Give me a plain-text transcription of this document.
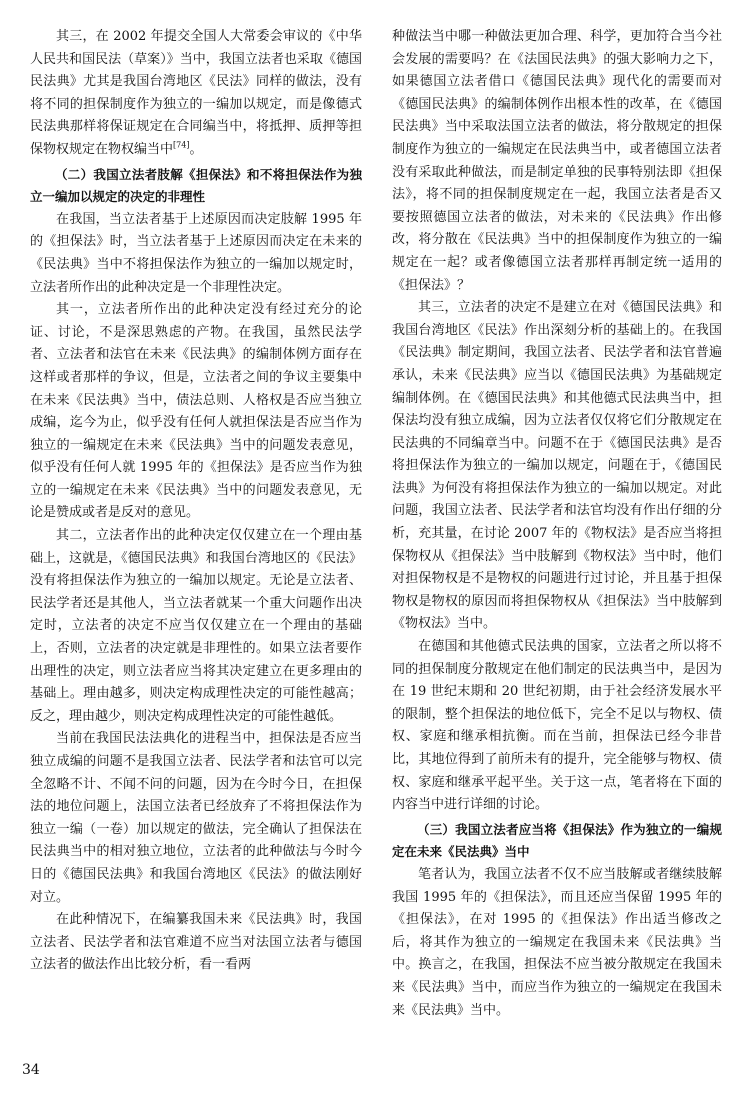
其三，在 2002 年提交全国人大常委会审议的《中华人民共和国民法（草案）》当中，我国立法者也采取《德国民法典》尤其是我国台湾地区《民法》同样的做法，没有将不同的担保制度作为独立的一编加以规定，而是像德式民法典那样将保证规定在合同编当中，将抵押、质押等担保物权规定在物权编当中[74]。

（二）我国立法者肢解《担保法》和不将担保法作为独立一编加以规定的决定的非理性

在我国，当立法者基于上述原因而决定肢解 1995 年的《担保法》时，当立法者基于上述原因而决定在未来的《民法典》当中不将担保法作为独立的一编加以规定时，立法者所作出的此种决定是一个非理性决定。

其一，立法者所作出的此种决定没有经过充分的论证、讨论，不是深思熟虑的产物。在我国，虽然民法学者、立法者和法官在未来《民法典》的编制体例方面存在这样或者那样的争议，但是，立法者之间的争议主要集中在未来《民法典》当中，债法总则、人格权是否应当独立成编，迄今为止，似乎没有任何人就担保法是否应当作为独立的一编规定在未来《民法典》当中的问题发表意见，似乎没有任何人就 1995 年的《担保法》是否应当作为独立的一编规定在未来《民法典》当中的问题发表意见，无论是赞成或者是反对的意见。

其二，立法者作出的此种决定仅仅建立在一个理由基础上，这就是，《德国民法典》和我国台湾地区的《民法》没有将担保法作为独立的一编加以规定。无论是立法者、民法学者还是其他人，当立法者就某一个重大问题作出决定时，立法者的决定不应当仅仅建立在一个理由的基础上，否则，立法者的决定就是非理性的。如果立法者要作出理性的决定，则立法者应当将其决定建立在更多理由的基础上。理由越多，则决定构成理性决定的可能性越高；反之，理由越少，则决定构成理性决定的可能性越低。

当前在我国民法法典化的进程当中，担保法是否应当独立成编的问题不是我国立法者、民法学者和法官可以完全忽略不计、不闻不问的问题，因为在今时今日，在担保法的地位问题上，法国立法者已经放弃了不将担保法作为独立一编（一卷）加以规定的做法，完全确认了担保法在民法典当中的相对独立地位，立法者的此种做法与今时今日的《德国民法典》和我国台湾地区《民法》的做法刚好对立。

在此种情况下，在编纂我国未来《民法典》时，我国立法者、民法学者和法官难道不应当对法国立法者与德国立法者的做法作出比较分析，看一看两

种做法当中哪一种做法更加合理、科学，更加符合当今社会发展的需要吗？在《法国民法典》的强大影响力之下，如果德国立法者借口《德国民法典》现代化的需要而对《德国民法典》的编制体例作出根本性的改革，在《德国民法典》当中采取法国立法者的做法，将分散规定的担保制度作为独立的一编规定在民法典当中，或者德国立法者没有采取此种做法，而是制定单独的民事特别法即《担保法》，将不同的担保制度规定在一起，我国立法者是否又要按照德国立法者的做法，对未来的《民法典》作出修改，将分散在《民法典》当中的担保制度作为独立的一编规定在一起？或者像德国立法者那样再制定统一适用的《担保法》？

其三，立法者的决定不是建立在对《德国民法典》和我国台湾地区《民法》作出深刻分析的基础上的。在我国《民法典》制定期间，我国立法者、民法学者和法官普遍承认，未来《民法典》应当以《德国民法典》为基础规定编制体例。在《德国民法典》和其他德式民法典当中，担保法均没有独立成编，因为立法者仅仅将它们分散规定在民法典的不同编章当中。问题不在于《德国民法典》是否将担保法作为独立的一编加以规定，问题在于，《德国民法典》为何没有将担保法作为独立的一编加以规定。对此问题，我国立法者、民法学者和法官均没有作出仔细的分析，充其量，在讨论 2007 年的《物权法》是否应当将担保物权从《担保法》当中肢解到《物权法》当中时，他们对担保物权是不是物权的问题进行过讨论，并且基于担保物权是物权的原因而将担保物权从《担保法》当中肢解到《物权法》当中。

在德国和其他德式民法典的国家，立法者之所以将不同的担保制度分散规定在他们制定的民法典当中，是因为在 19 世纪末期和 20 世纪初期，由于社会经济发展水平的限制，整个担保法的地位低下，完全不足以与物权、债权、家庭和继承相抗衡。而在当前，担保法已经今非昔比，其地位得到了前所未有的提升，完全能够与物权、债权、家庭和继承平起平坐。关于这一点，笔者将在下面的内容当中进行详细的讨论。

（三）我国立法者应当将《担保法》作为独立的一编规定在未来《民法典》当中

笔者认为，我国立法者不仅不应当肢解或者继续肢解我国 1995 年的《担保法》，而且还应当保留 1995 年的《担保法》，在对 1995 的《担保法》作出适当修改之后，将其作为独立的一编规定在我国未来《民法典》当中。换言之，在我国，担保法不应当被分散规定在我国未来《民法典》当中，而应当作为独立的一编规定在我国未来《民法典》当中。

34
